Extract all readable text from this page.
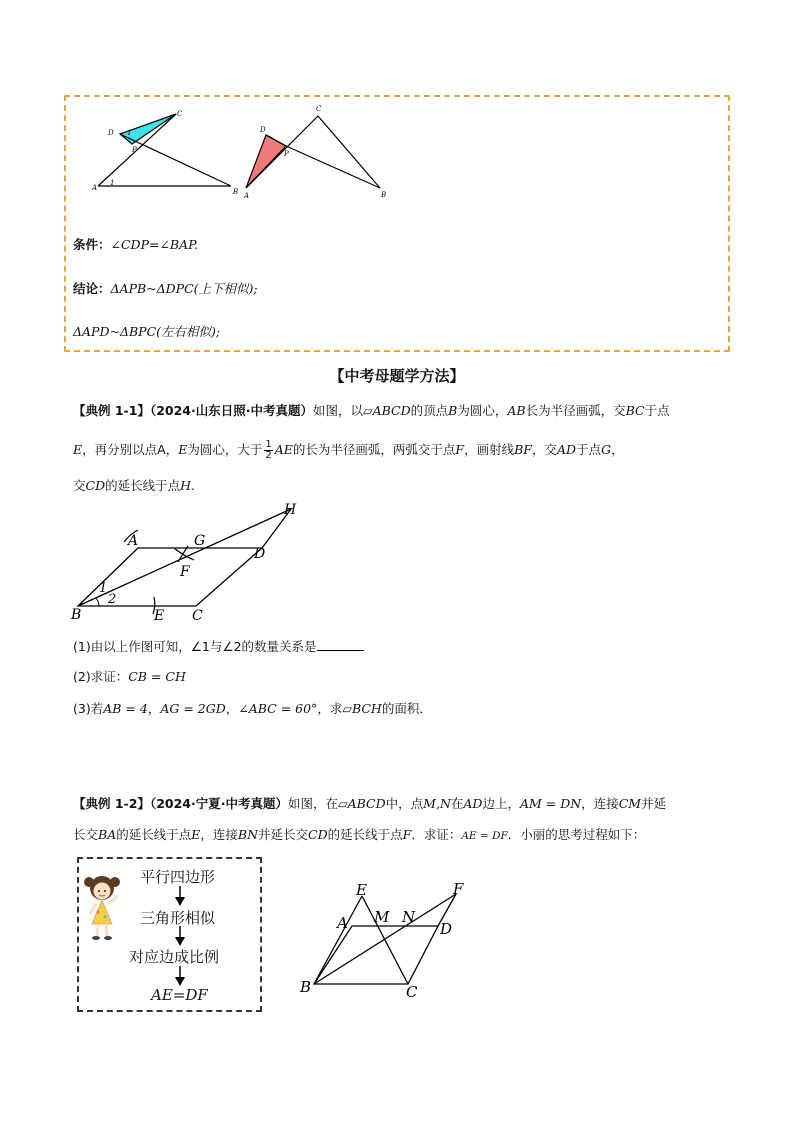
C
D 1
P
A
1
B
C
D
P
A	B
条件：∠CDP=∠BAP.
结论：ΔAPB~ΔDPC(上下相似);
ΔAPD~ΔBPC(左右相似);
【中考母题学方法】
【典例 1-1】（2024·山东日照·中考真题）如图，以▱ABCD的顶点B为圆心，AB长为半径画弧，交BC于点
E，再分别以点A，E为圆心，大于 $\frac{1}{2}$ AE的长为半径画弧，两弧交于点F，画射线BF，交AD于点G，
交CD的延长线于点H.
H
A	G
D
F
1
2
B	E C
(1)由以上作图可知，∠1与∠2的数量关系是
(2)求证：CB = CH
(3)若AB = 4，AG = 2GD，∠ABC = 60°，求▱BCH的面积．
【典例 1-2】（2024·宁夏·中考真题）如图，在▱ABCD中，点M,N在AD边上，AM = DN，连接CM并延
长交BA的延长线于点E，连接BN并延长交CD的延长线于点F．求证：AE = DF．小丽的思考过程如下：
平行四边形
三角形相似
对应边成比例
AE=DF
E	F
A M N
D
B	C
